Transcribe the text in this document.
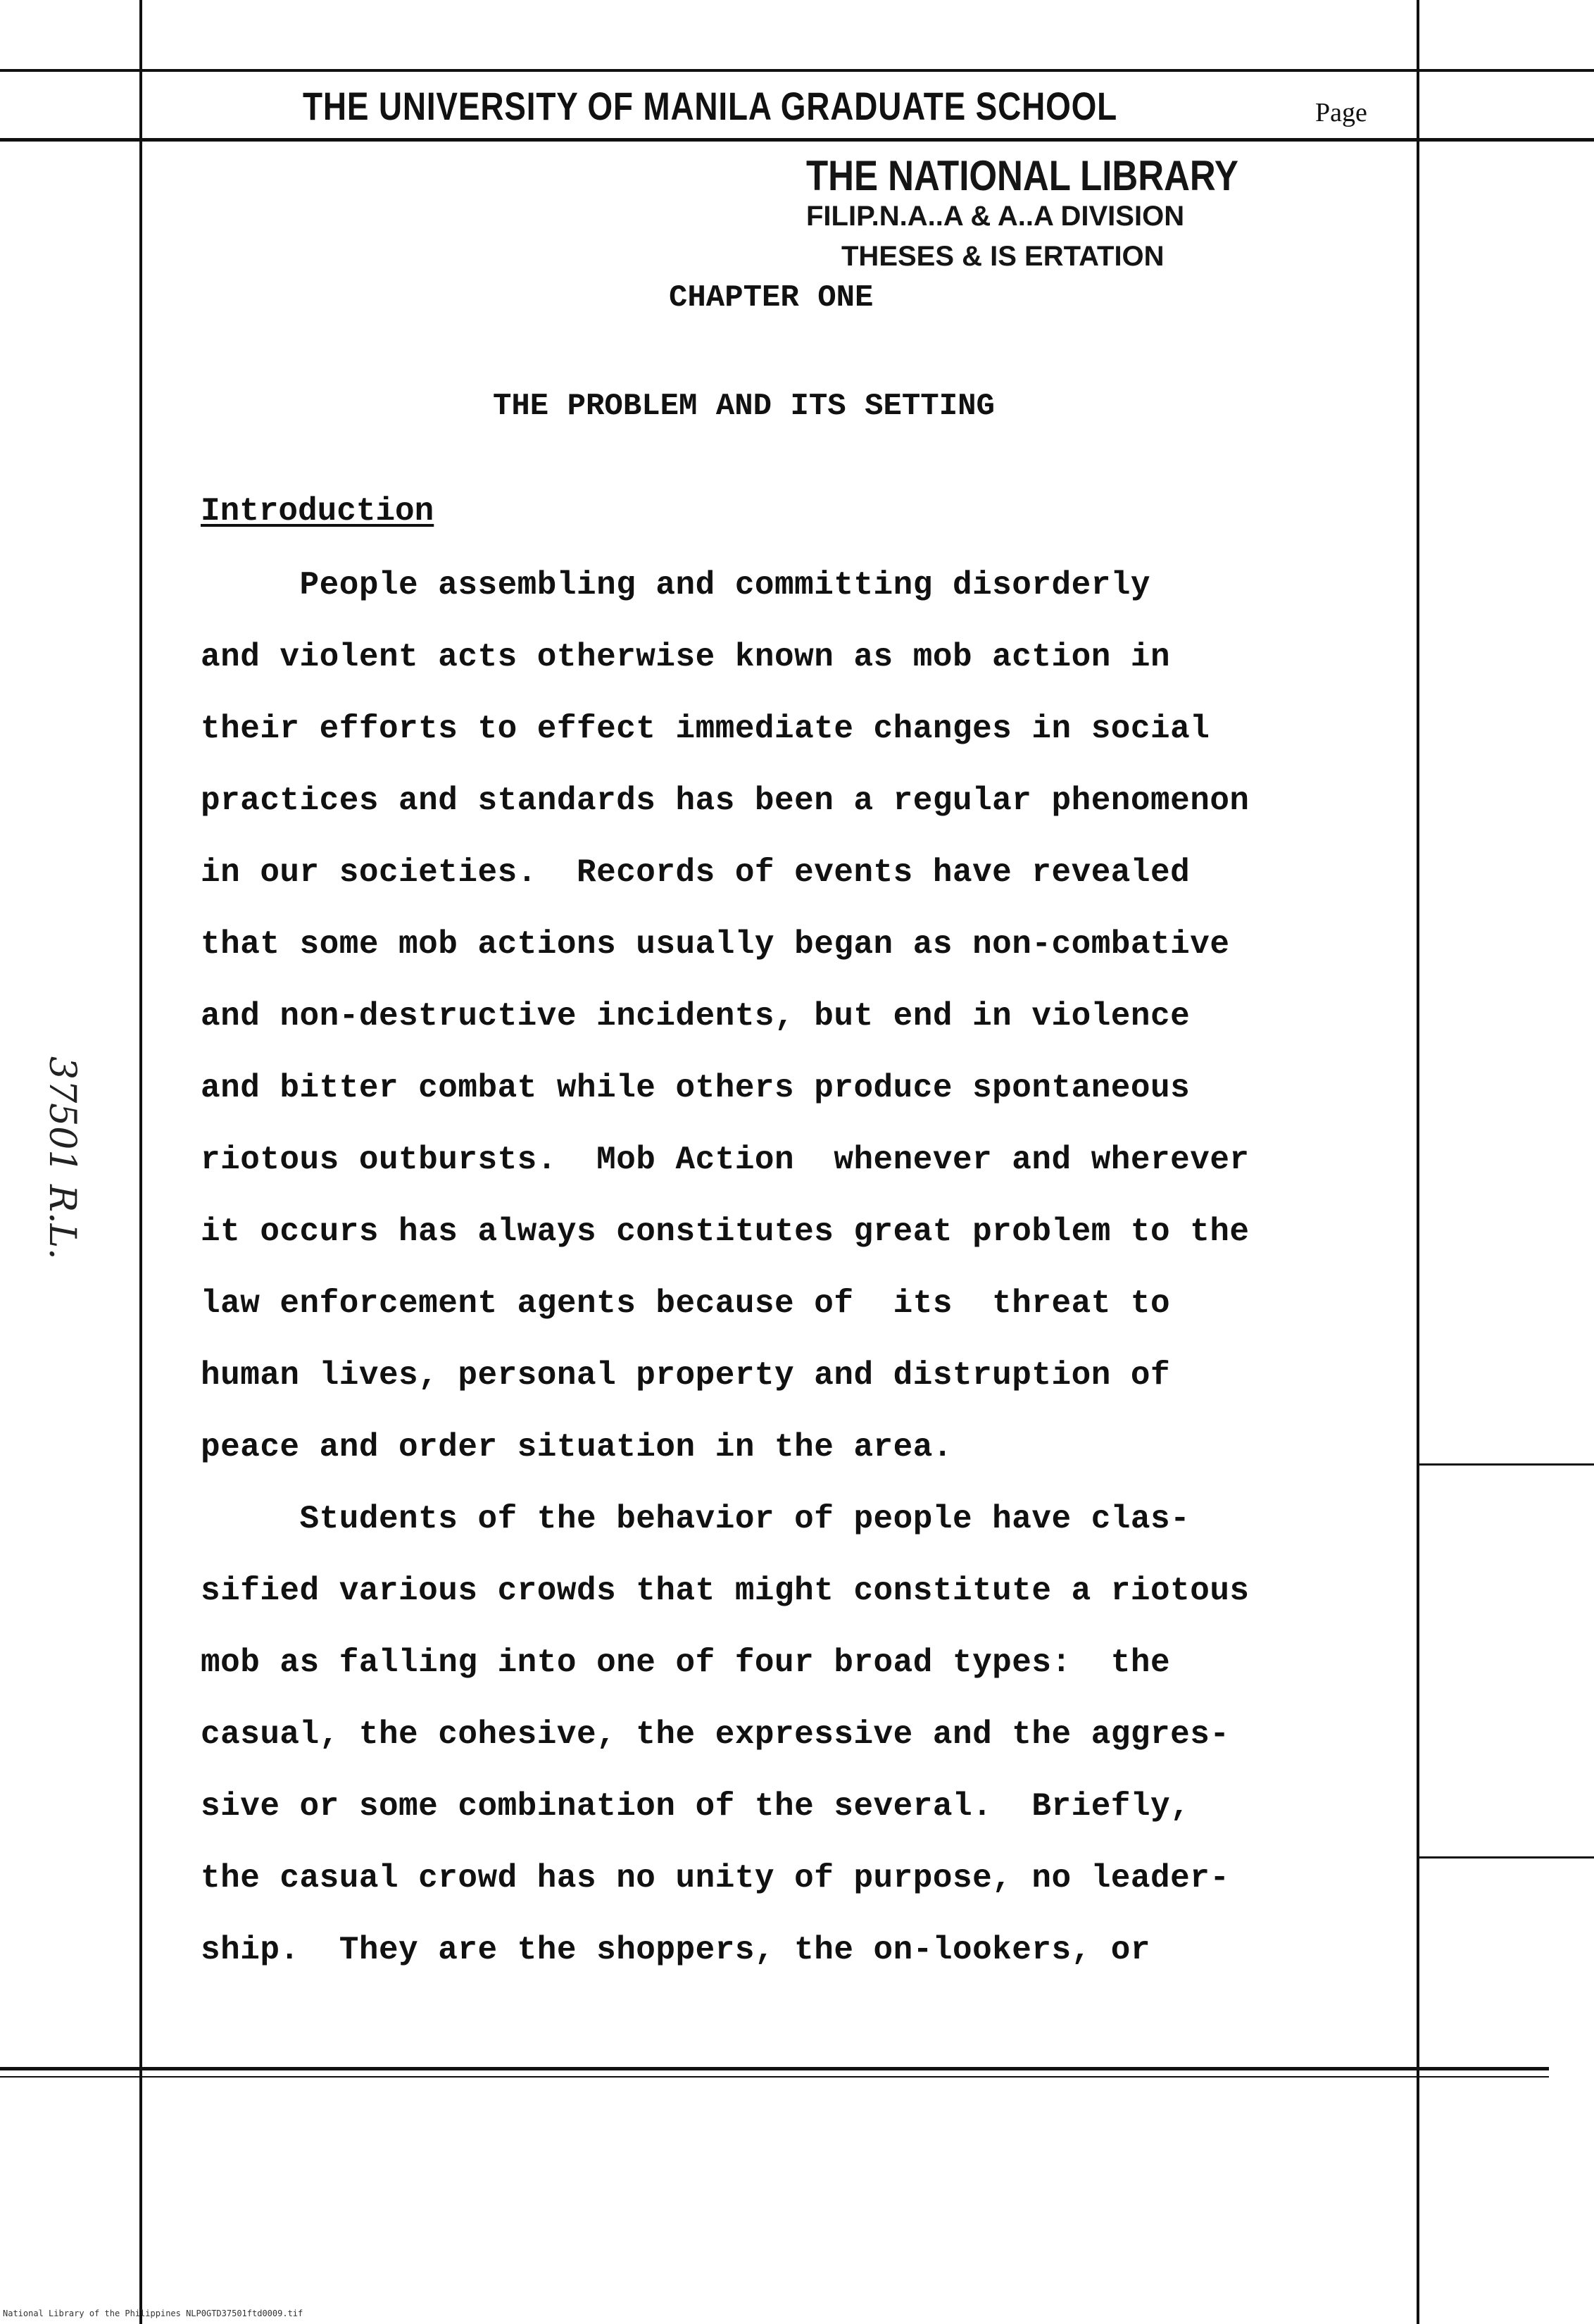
THE UNIVERSITY OF MANILA GRADUATE SCHOOL	Page
THE NATIONAL LIBRARY
FILIP.N.A..A & A..A DIVISION
THESES & IS ERTATION
CHAPTER ONE
THE PROBLEM AND ITS SETTING
Introduction
People assembling and committing disorderly
and violent acts otherwise known as mob action in
their efforts to effect immediate changes in social
practices and standards has been a regular phenomenon
in our societies.  Records of events have revealed
that some mob actions usually began as non-combative
and non-destructive incidents, but end in violence
and bitter combat while others produce spontaneous
riotous outbursts.  Mob Action  whenever and wherever
it occurs has always constitutes great problem to the
law enforcement agents because of  its  threat to
human lives, personal property and distruption of
peace and order situation in the area.
Students of the behavior of people have clas-
sified various crowds that might constitute a riotous
mob as falling into one of four broad types:  the
casual, the cohesive, the expressive and the aggres-
sive or some combination of the several.  Briefly,
the casual crowd has no unity of purpose, no leader-
ship.  They are the shoppers, the on-lookers, or
37501 R.L.
National Library of the Philippines NLP0GTD37501ftd0009.tif
